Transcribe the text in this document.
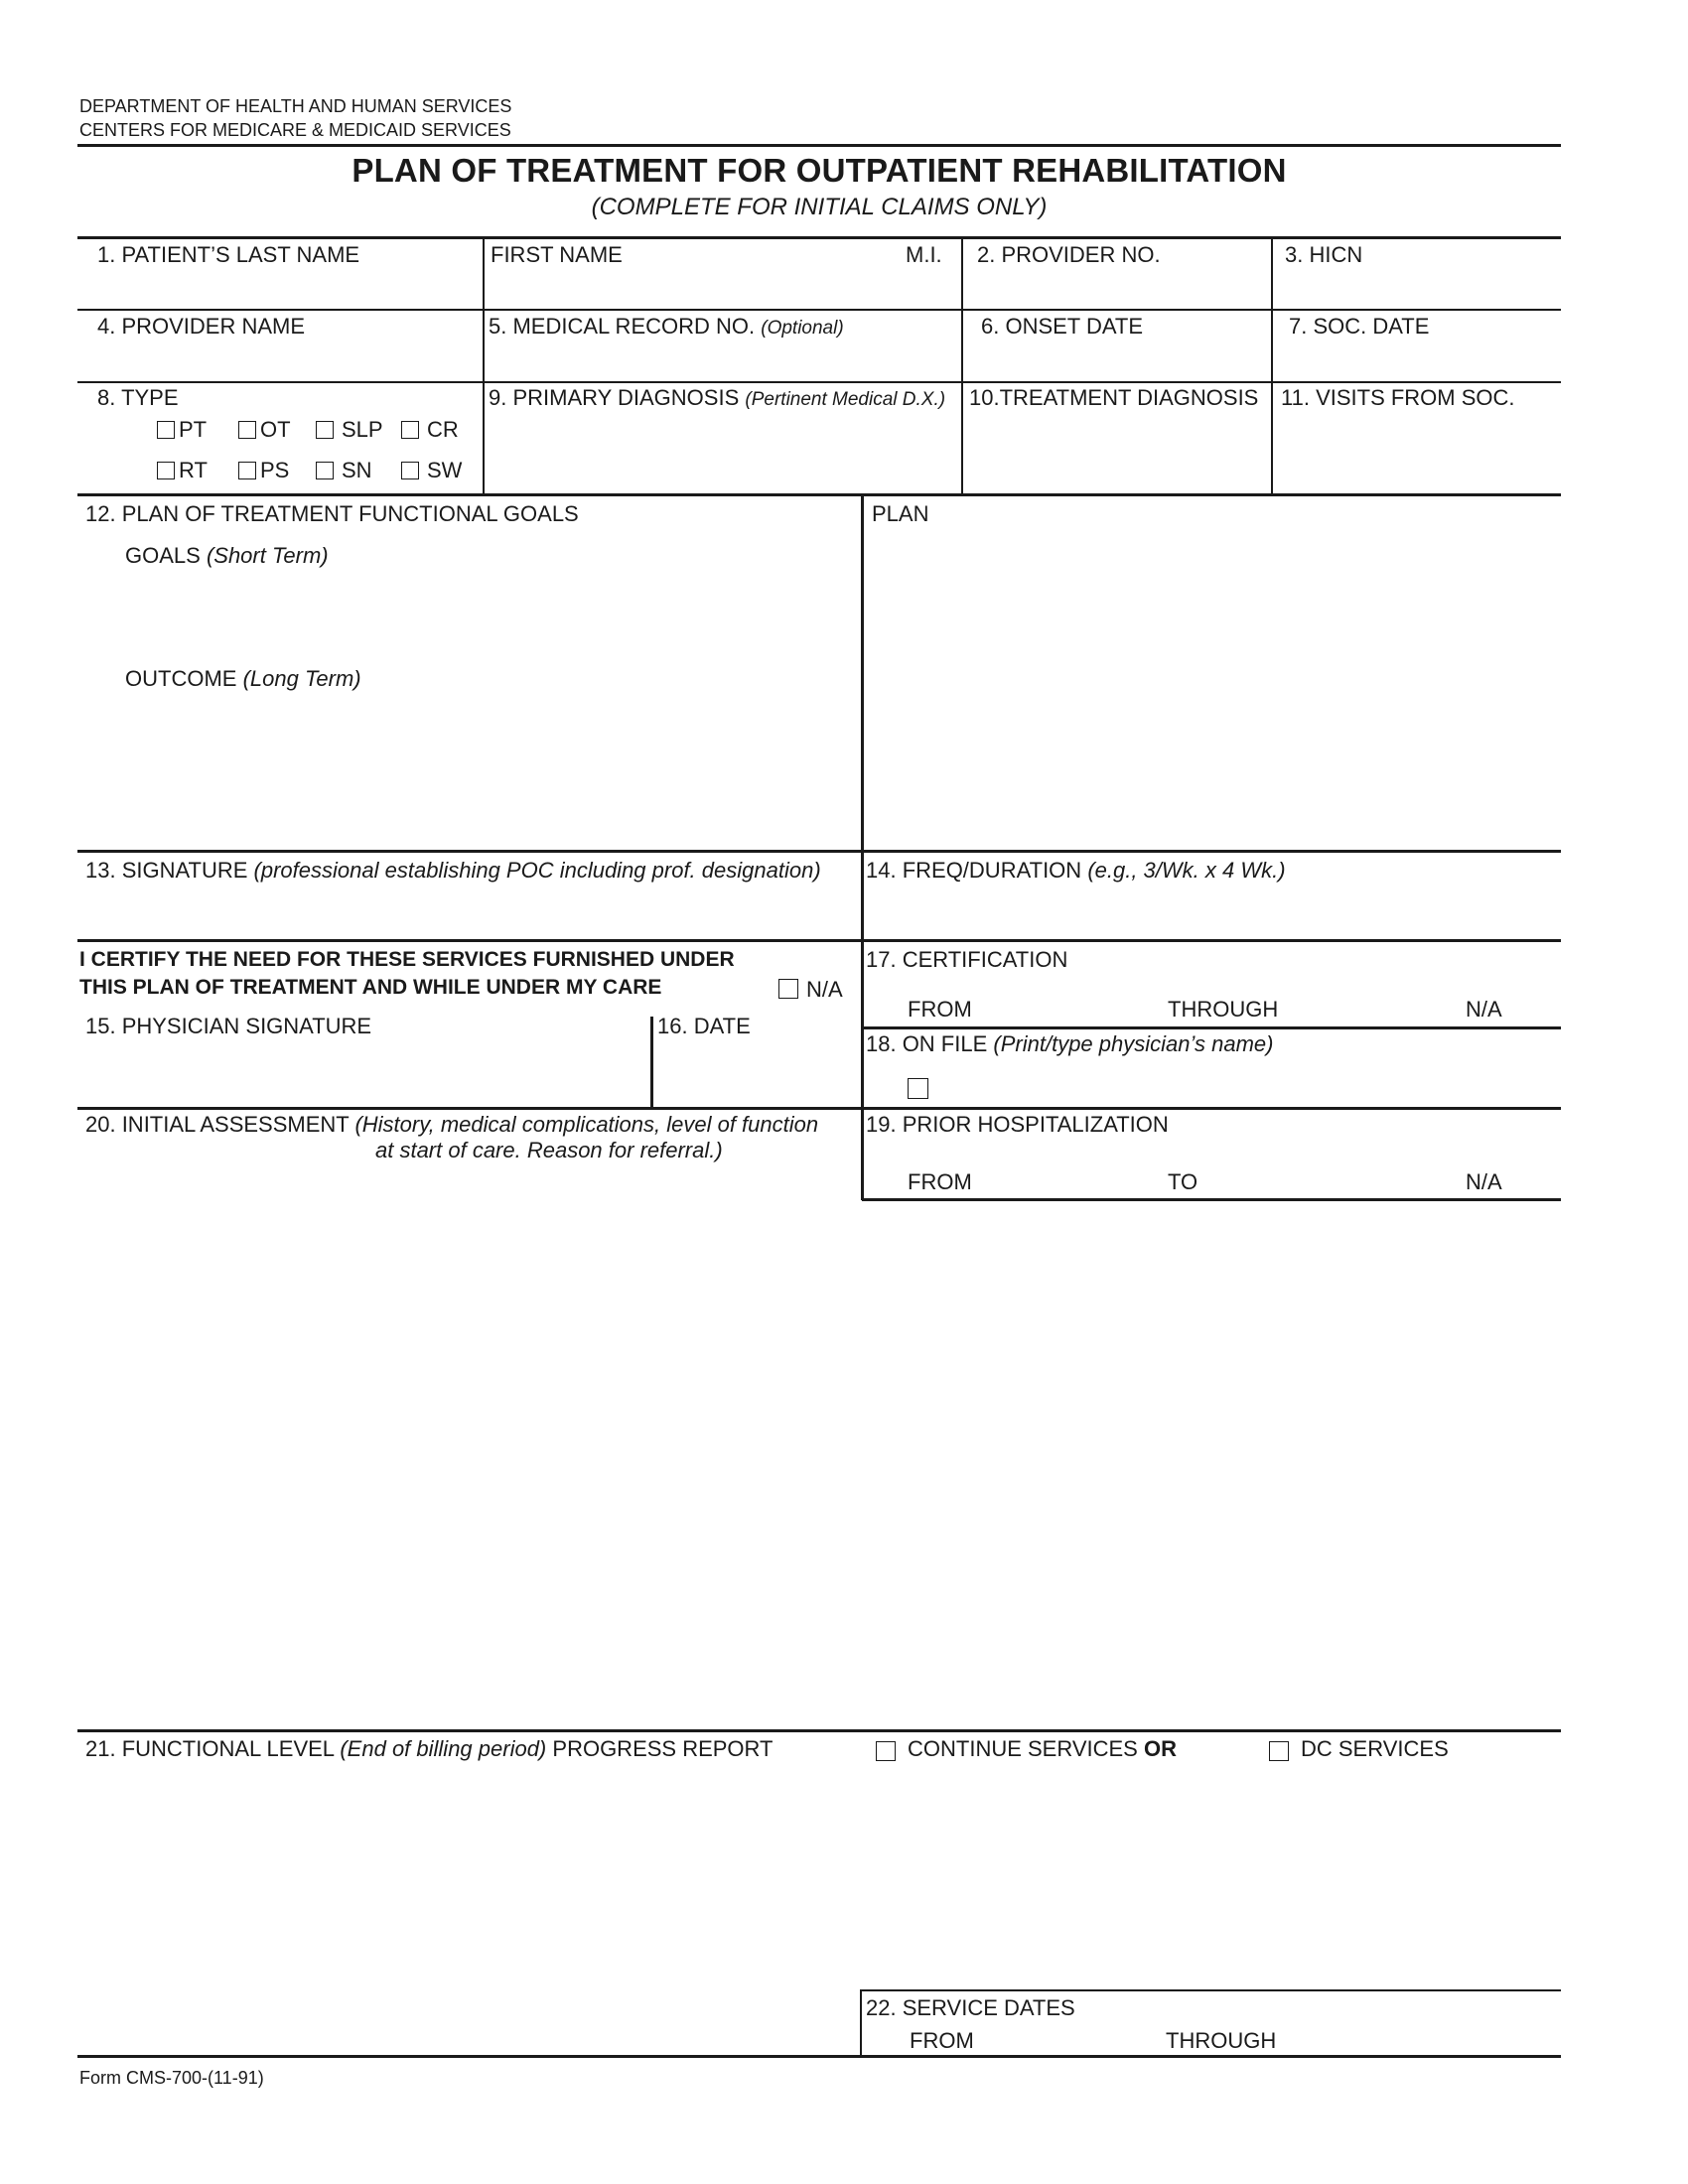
DEPARTMENT OF HEALTH AND HUMAN SERVICES
CENTERS FOR MEDICARE & MEDICAID SERVICES
PLAN OF TREATMENT FOR OUTPATIENT REHABILITATION
(COMPLETE FOR INITIAL CLAIMS ONLY)
1. PATIENT’S LAST NAME	FIRST NAME	M.I. 2. PROVIDER NO.	3. HICN
4. PROVIDER NAME	5. MEDICAL RECORD NO. (Optional)	6. ONSET DATE	7. SOC. DATE
8. TYPE
PT OT SLP CR
RT PS SN	SW
9. PRIMARY DIAGNOSIS (Pertinent Medical D.X.) 10.TREATMENT DIAGNOSIS 11. VISITS FROM SOC.
12. PLAN OF TREATMENT FUNCTIONAL GOALS	PLAN
GOALS (Short Term)
OUTCOME (Long Term)
13. SIGNATURE (professional establishing POC including prof. designation) 14. FREQ/DURATION (e.g., 3/Wk. x 4 Wk.)
I CERTIFY THE NEED FOR THESE SERVICES FURNISHED UNDER
THIS PLAN OF TREATMENT AND WHILE UNDER MY CARE	N/A
15. PHYSICIAN SIGNATURE	16. DATE
17. CERTIFICATION
FROM	THROUGH	N/A
18. ON FILE (Print/type physician’s name)
20. INITIAL ASSESSMENT (History, medical complications, level of function
at start of care. Reason for referral.)
19. PRIOR HOSPITALIZATION
FROM	TO	N/A
21. FUNCTIONAL LEVEL (End of billing period) PROGRESS REPORT	CONTINUE SERVICES OR	DC SERVICES
22. SERVICE DATES
FROM	THROUGH
Form CMS-700-(11-91)
